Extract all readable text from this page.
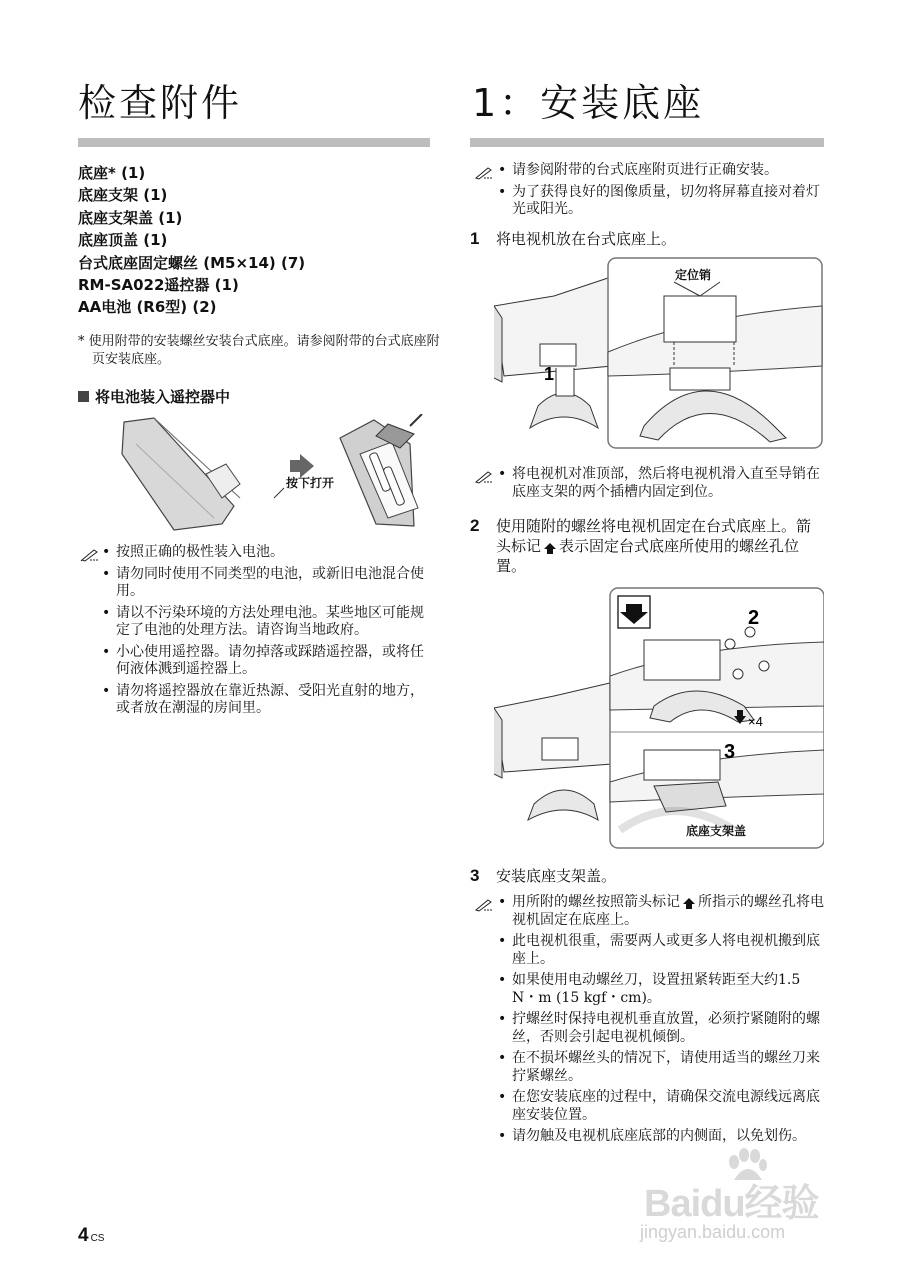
检查附件
底座* (1)
底座支架 (1)
底座支架盖 (1)
底座顶盖 (1)
台式底座固定螺丝 (M5×14) (7)
RM-SA022遥控器 (1)
AA电池 (R6型) (2)
* 使用附带的安装螺丝安装台式底座。请参阅附带的台式底座附页安装底座。
将电池装入遥控器中
按下打开
• 按照正确的极性装入电池。
• 请勿同时使用不同类型的电池，或新旧电池混合使用。
• 请以不污染环境的方法处理电池。某些地区可能规定了电池的处理方法。请咨询当地政府。
• 小心使用遥控器。请勿掉落或踩踏遥控器，或将任何液体溅到遥控器上。
• 请勿将遥控器放在靠近热源、受阳光直射的地方，或者放在潮湿的房间里。
1：安装底座
• 请参阅附带的台式底座附页进行正确安装。
• 为了获得良好的图像质量，切勿将屏幕直接对着灯光或阳光。
1	将电视机放在台式底座上。
1
定位销
• 将电视机对准顶部，然后将电视机滑入直至导销在底座支架的两个插槽内固定到位。
2	使用随附的螺丝将电视机固定在台式底座上。箭头标记 表示固定台式底座所使用的螺丝孔位置。
2
×4
3
底座支架盖
3	安装底座支架盖。
• 用所附的螺丝按照箭头标记 所指示的螺丝孔将电视机固定在底座上。
• 此电视机很重，需要两人或更多人将电视机搬到底座上。
• 如果使用电动螺丝刀，设置扭紧转距至大约1.5 N・m (15 kgf・cm)。
• 拧螺丝时保持电视机垂直放置，必须拧紧随附的螺丝，否则会引起电视机倾倒。
• 在不损坏螺丝头的情况下，请使用适当的螺丝刀来拧紧螺丝。
• 在您安装底座的过程中，请确保交流电源线远离底座安装位置。
• 请勿触及电视机底座底部的内侧面，以免划伤。
4 CS
Baidu经验
jingyan.baidu.com
